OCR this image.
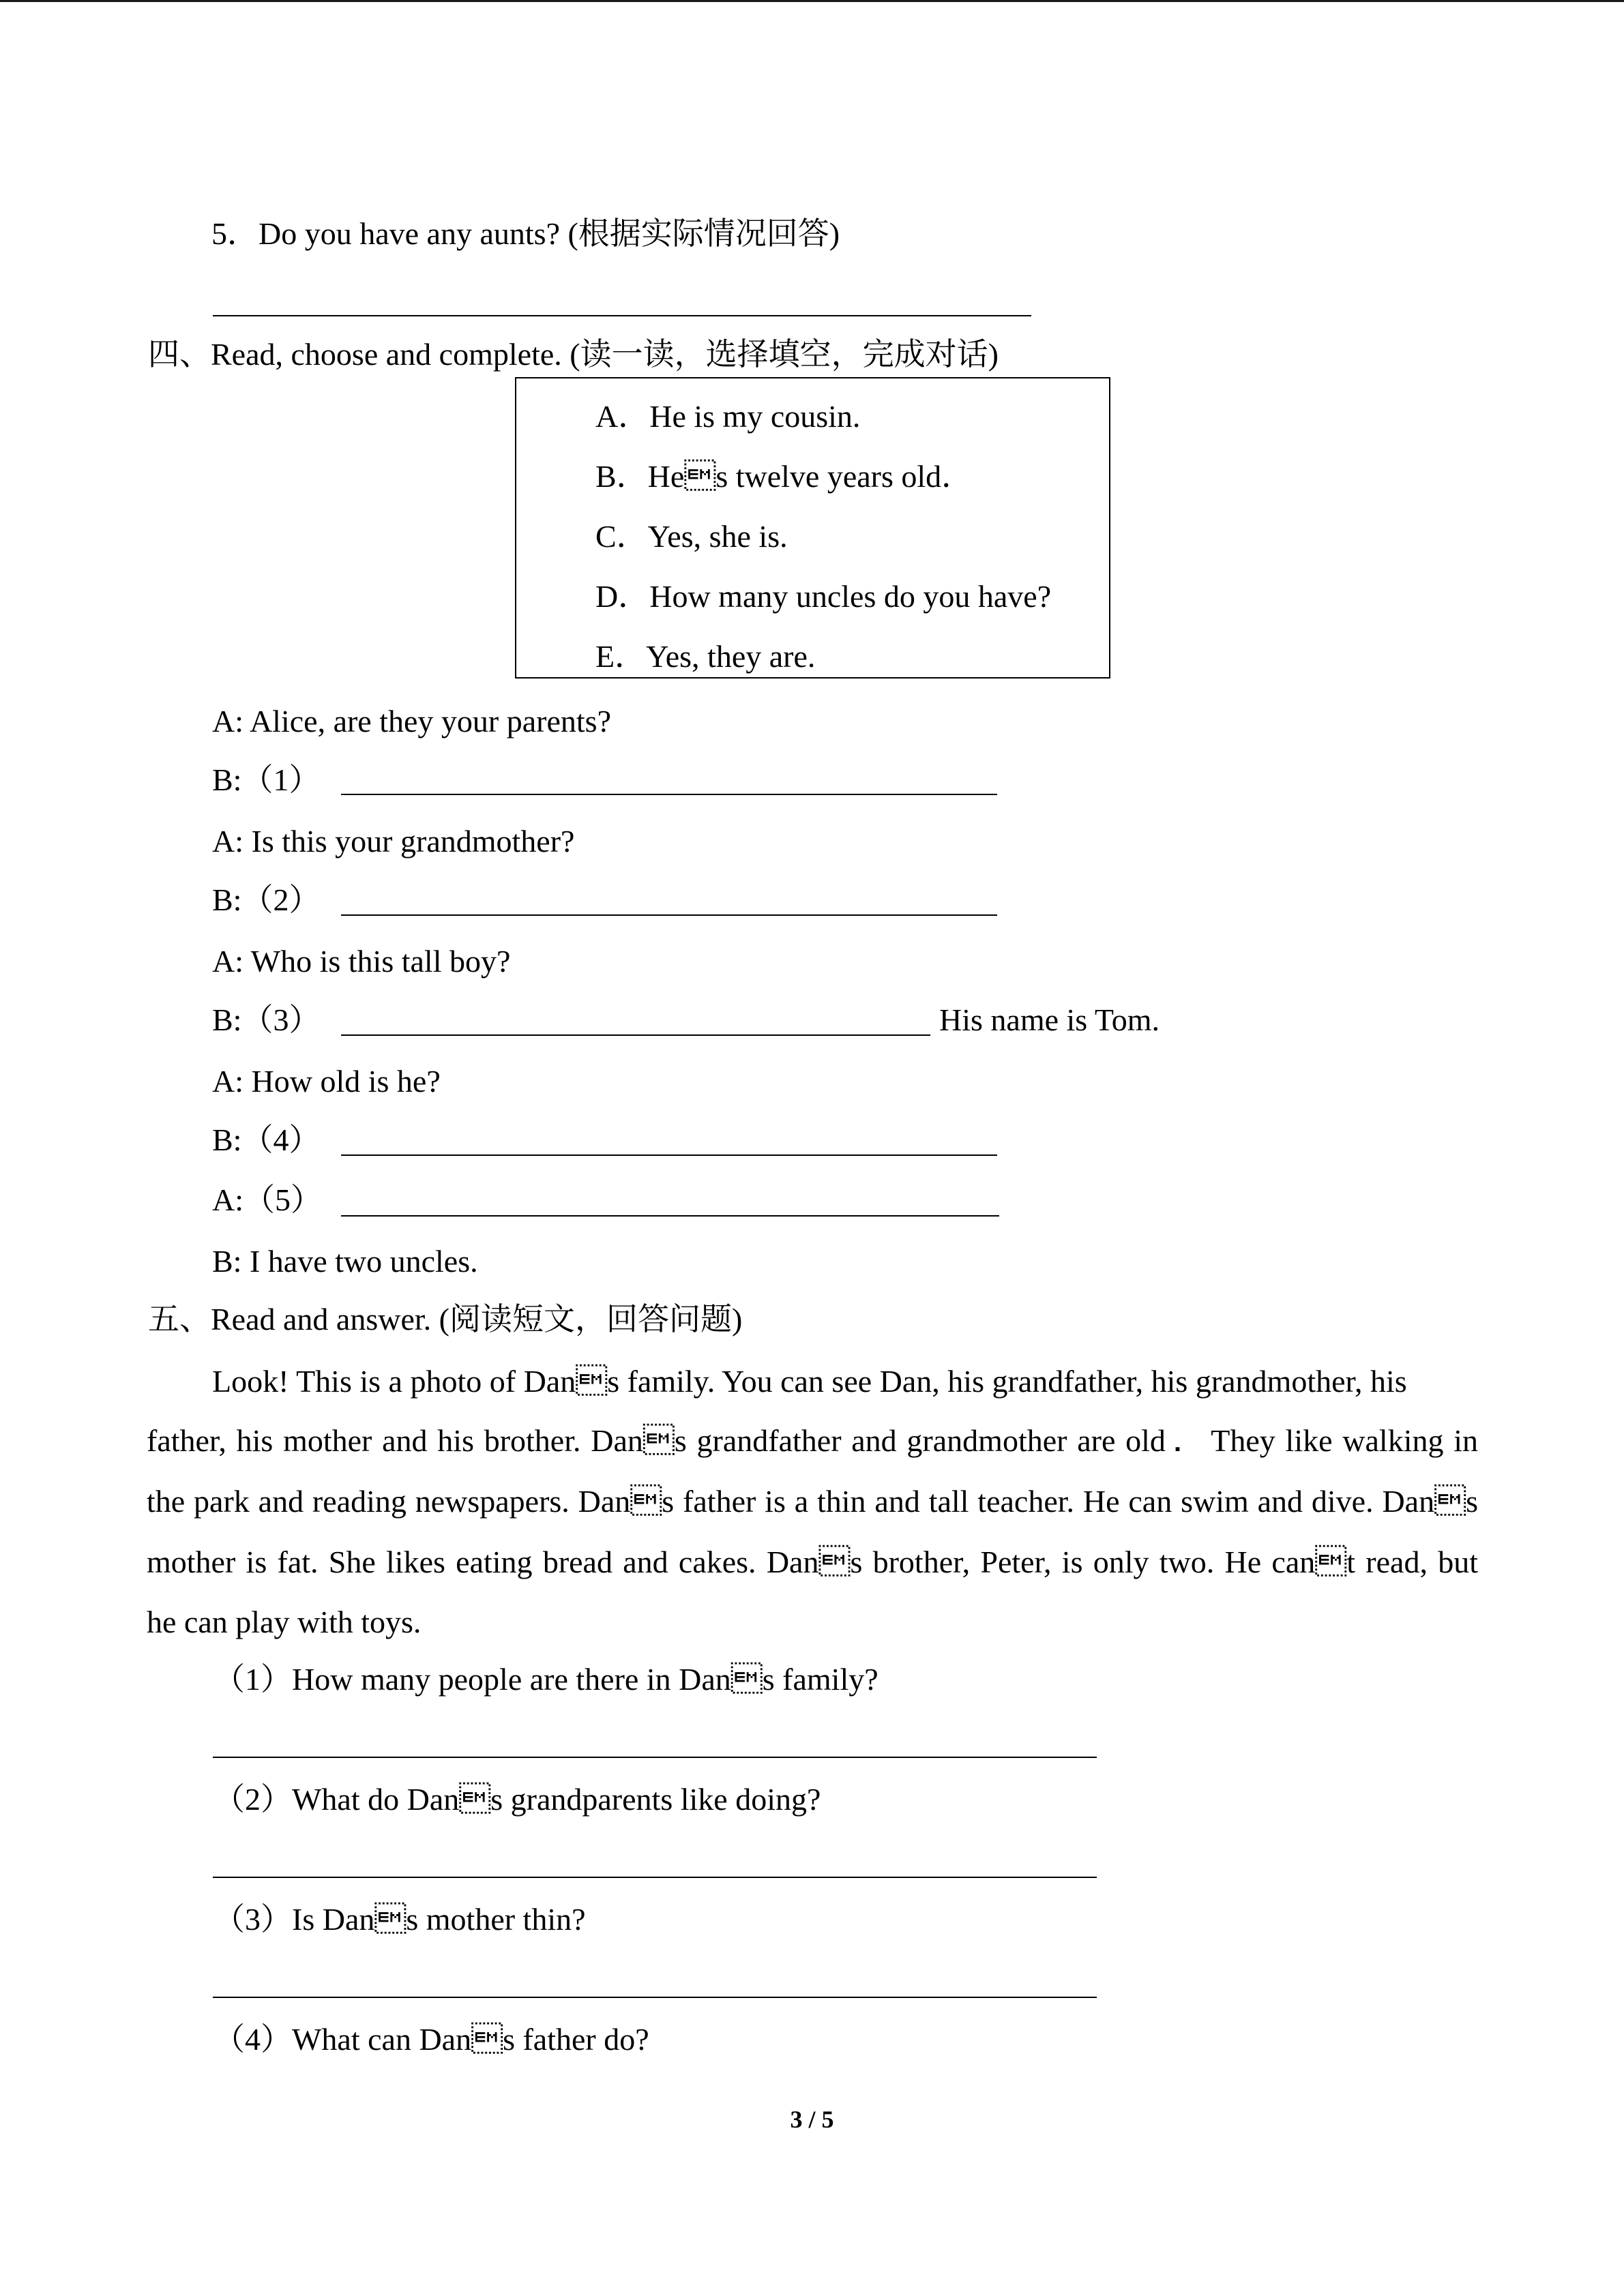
5．Do you have any aunts? (根据实际情况回答)
四、Read, choose and complete. (读一读，选择填空，完成对话)
A．He is my cousin.
B．Hes twelve years old．
C．Yes, she is.
D．How many uncles do you have?
E．Yes, they are.
A: Alice, are they your parents?
B:（1）
A: Is this your grandmother?
B:（2）
A: Who is this tall boy?
B:（3）	His name is Tom.
A: How old is he?
B:（4）
A:（5）
B: I have two uncles.
五、Read and answer. (阅读短文，回答问题)
Look! This is a photo of Dans family. You can see Dan, his grandfather, his grandmother, his
father, his mother and his brother. Dans grandfather and grandmother are old． They like walking in
the park and reading newspapers. Dans father is a thin and tall teacher. He can swim and dive. Dans
mother is fat. She likes eating bread and cakes. Dans brother, Peter, is only two. He cant read, but
he can play with toys.
（1）How many people are there in Dans family?
（2）What do Dans grandparents like doing?
（3）Is Dans mother thin?
（4）What can Dans father do?
3 / 5
